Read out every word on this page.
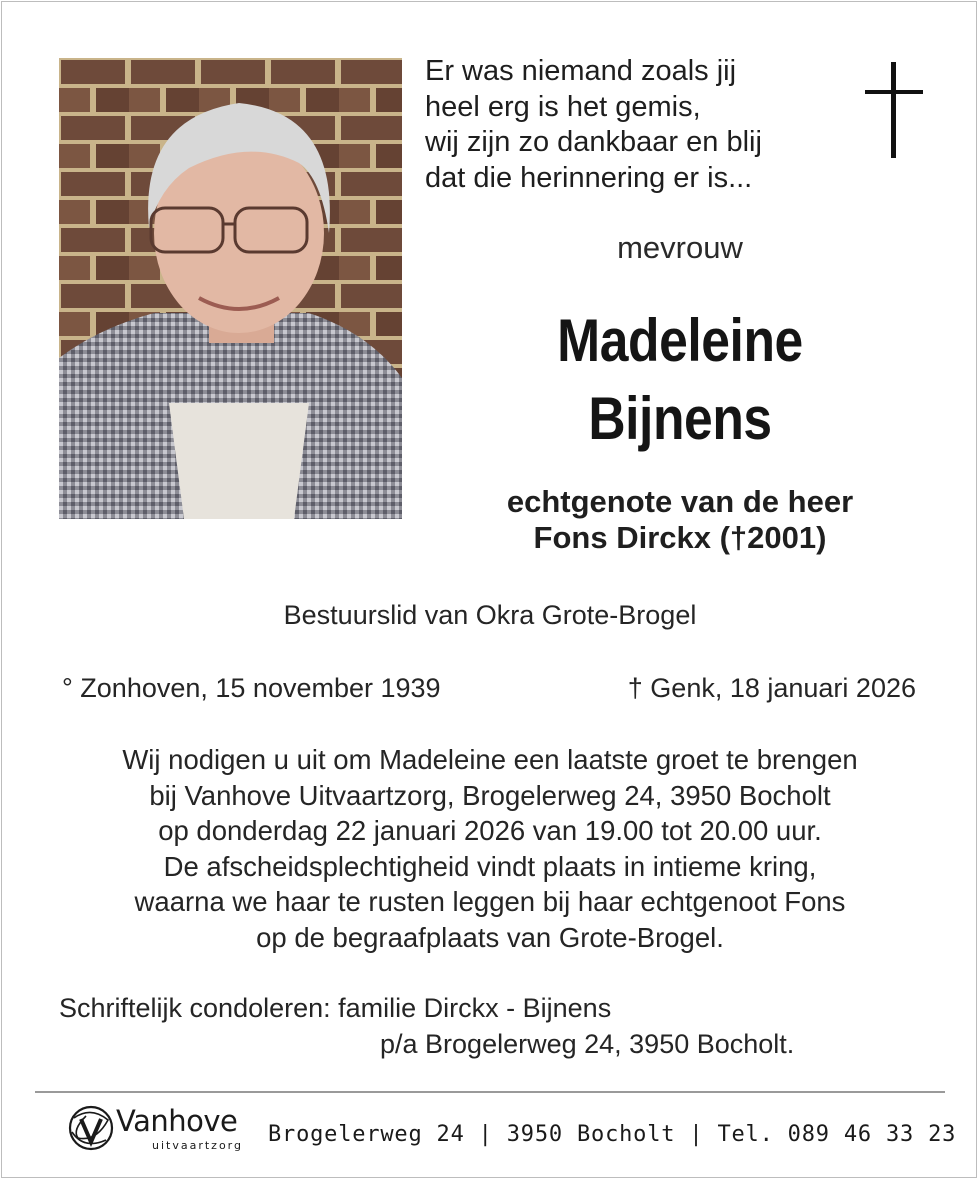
Er was niemand zoals jij
heel erg is het gemis,
wij zijn zo dankbaar en blij
dat die herinnering er is...
mevrouw
Madeleine
Bijnens
echtgenote van de heer
Fons Dirckx (†2001)
Bestuurslid van Okra Grote-Brogel
° Zonhoven, 15 november 1939	† Genk, 18 januari 2026
Wij nodigen u uit om Madeleine een laatste groet te brengen
bij Vanhove Uitvaartzorg, Brogelerweg 24, 3950 Bocholt
op donderdag 22 januari 2026 van 19.00 tot 20.00 uur.
De afscheidsplechtigheid vindt plaats in intieme kring,
waarna we haar te rusten leggen bij haar echtgenoot Fons
op de begraafplaats van Grote-Brogel.
Schriftelijk condoleren: familie Dirckx - Bijnens
p/a Brogelerweg 24, 3950 Bocholt.
Vanhove
uitvaartzorg Brogelerweg 24 | 3950 Bocholt | Tel. 089 46 33 23
